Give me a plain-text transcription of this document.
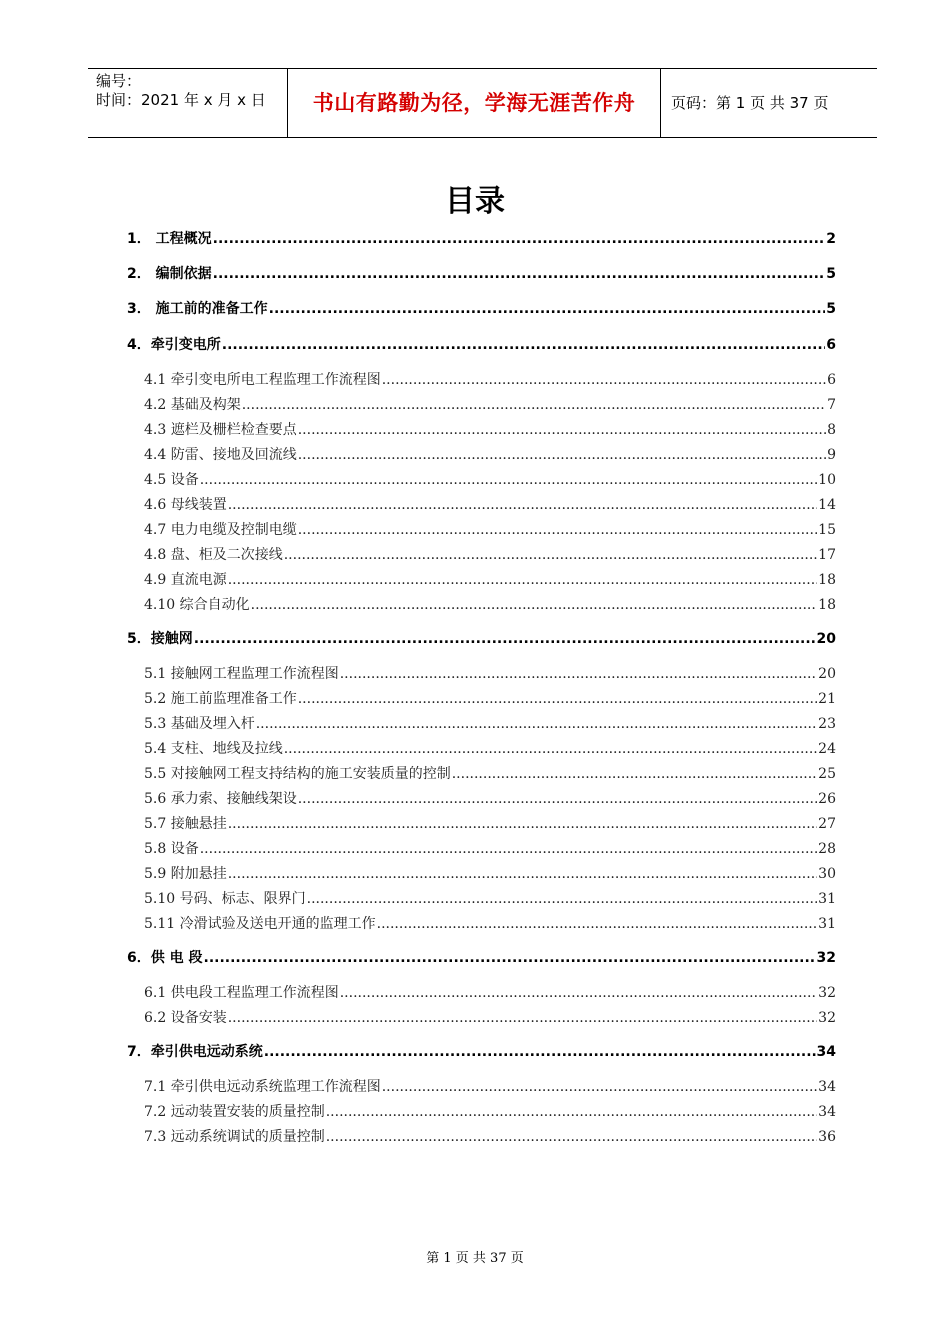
编号：
时间：2021 年 x 月 x 日	书山有路勤为径，学海无涯苦作舟	页码：第 1 页 共 37 页
目录
1． 工程概况 .....	2
2． 编制依据 .....	5
3． 施工前的准备工作 .....	5
4．牵引变电所 .....	6
4.1 牵引变电所电工程监理工作流程图 .....	6
4.2 基础及构架 .....	7
4.3 遮栏及栅栏检查要点 .....	8
4.4 防雷、接地及回流线 .....	9
4.5 设备 .....	10
4.6 母线装置 .....	14
4.7 电力电缆及控制电缆 .....	15
4.8 盘、柜及二次接线 .....	17
4.9 直流电源 .....	18
4.10 综合自动化 .....	18
5．接触网 .....	20
5.1 接触网工程监理工作流程图 .....	20
5.2 施工前监理准备工作 .....	21
5.3 基础及埋入杆 .....	23
5.4 支柱、地线及拉线 .....	24
5.5 对接触网工程支持结构的施工安装质量的控制 .....	25
5.6 承力索、接触线架设 .....	26
5.7 接触悬挂 .....	27
5.8 设备 .....	28
5.9 附加悬挂 .....	30
5.10 号码、标志、限界门 .....	31
5.11 冷滑试验及送电开通的监理工作 .....	31
6．供 电 段 .....	32
6.1 供电段工程监理工作流程图 .....	32
6.2 设备安装 .....	32
7．牵引供电远动系统 .....	34
7.1 牵引供电远动系统监理工作流程图 .....	34
7.2 远动装置安装的质量控制 .....	34
7.3 远动系统调试的质量控制 .....	36
第 1 页 共 37 页
